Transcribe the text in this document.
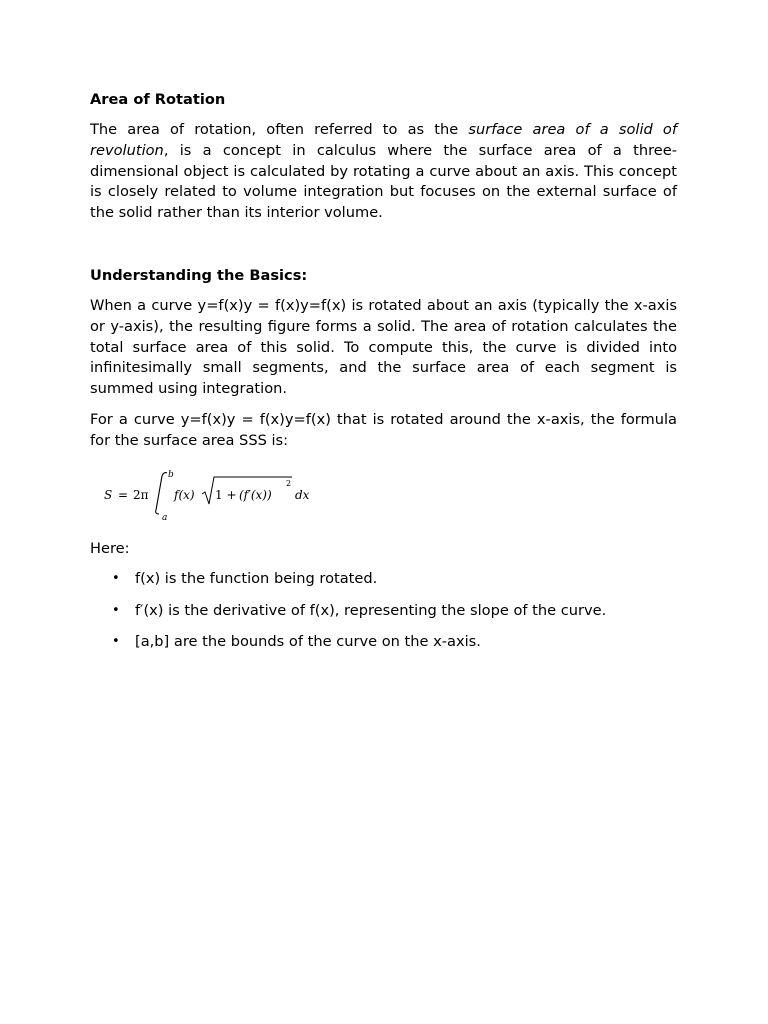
Area of Rotation

The area of rotation, often referred to as the surface area of a solid of revolution, is a concept in calculus where the surface area of a three-dimensional object is calculated by rotating a curve about an axis. This concept is closely related to volume integration but focuses on the external surface of the solid rather than its interior volume.

Understanding the Basics:

When a curve y=f(x)y = f(x)y=f(x) is rotated about an axis (typically the x-axis or y-axis), the resulting figure forms a solid. The area of rotation calculates the total surface area of this solid. To compute this, the curve is divided into infinitesimally small segments, and the surface area of each segment is summed using integration.

For a curve y=f(x)y = f(x)y=f(x) that is rotated around the x-axis, the formula for the surface area SSS is:

S = 2π
b
a
f(x) 1 + (f′(x))
2
dx

Here:

• f(x) is the function being rotated.
• f′(x) is the derivative of f(x), representing the slope of the curve.
• [a,b] are the bounds of the curve on the x-axis.
